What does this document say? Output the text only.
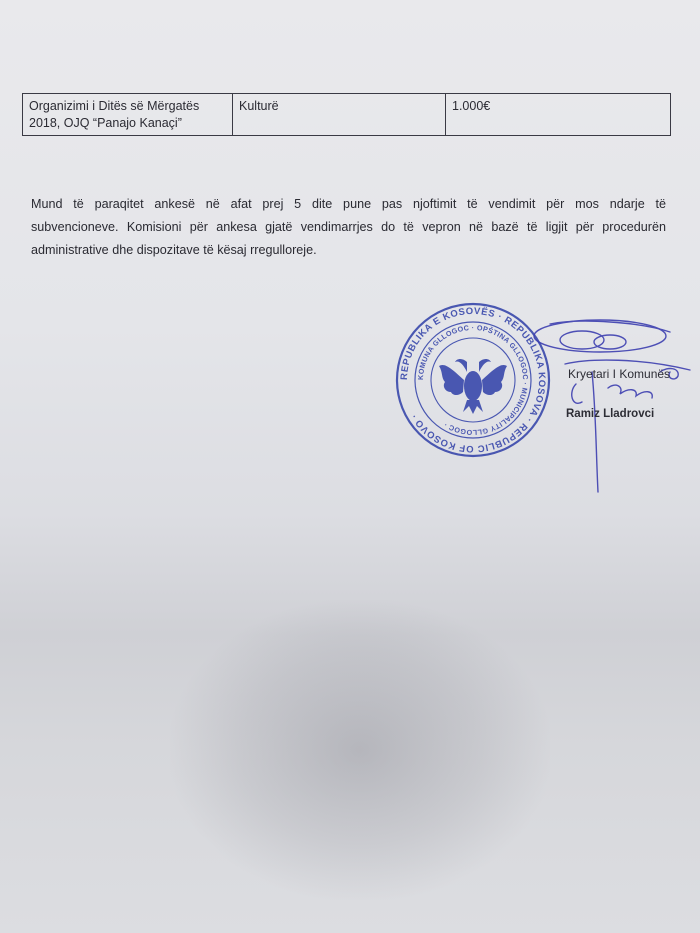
Organizimi i Ditës së Mërgatës
2018, OJQ “Panajo Kanaçi”	Kulturë	1.000€
Mund të paraqitet ankesë në afat prej 5 dite pune pas njoftimit të vendimit për mos ndarje të
subvencioneve. Komisioni për ankesa gjatë vendimarrjes do të vepron në bazë të ligjit për procedurën
administrative dhe dispozitave të kësaj rregulloreje.
REPUBLIKA E KOSOVËS · REPUBLIKA KOSOVA · REPUBLIC OF KOSOVO ·
KOMUNA GLLOGOC · OPŠTINA GLLOGOC · MUNICIPALITY GLLOGOC ·
Kryetari I Komunës
Ramiz Lladrovci
